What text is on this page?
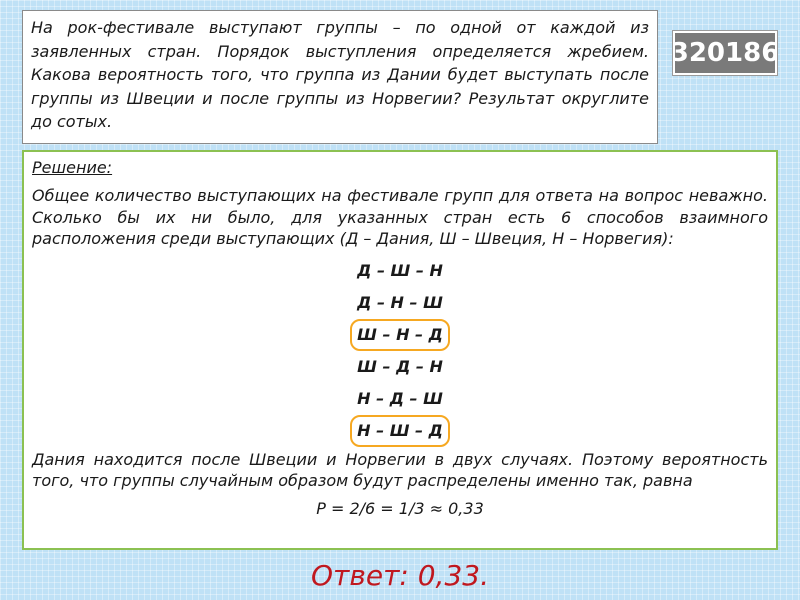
На рок-фестивале выступают группы – по одной от каждой из заявленных стран. Порядок выступления определяется жребием. Какова вероятность того, что группа из Дании будет выступать после группы из Швеции и после группы из Норвегии? Результат округлите до сотых.

320186

Решение:

Общее количество выступающих на фестивале групп для ответа на вопрос неважно. Сколько бы их ни было, для указанных стран есть 6 способов взаимного расположения среди выступающих (Д – Дания, Ш – Швеция, Н – Норвегия):

Д – Ш – Н
Д – Н – Ш
Ш – Н – Д
Ш – Д – Н
Н – Д – Ш
Н – Ш – Д

Дания находится после Швеции и Норвегии в двух случаях. Поэтому вероятность того, что группы случайным образом будут распределены именно так, равна

P = 2/6 = 1/3 ≈ 0,33

Ответ: 0,33.
